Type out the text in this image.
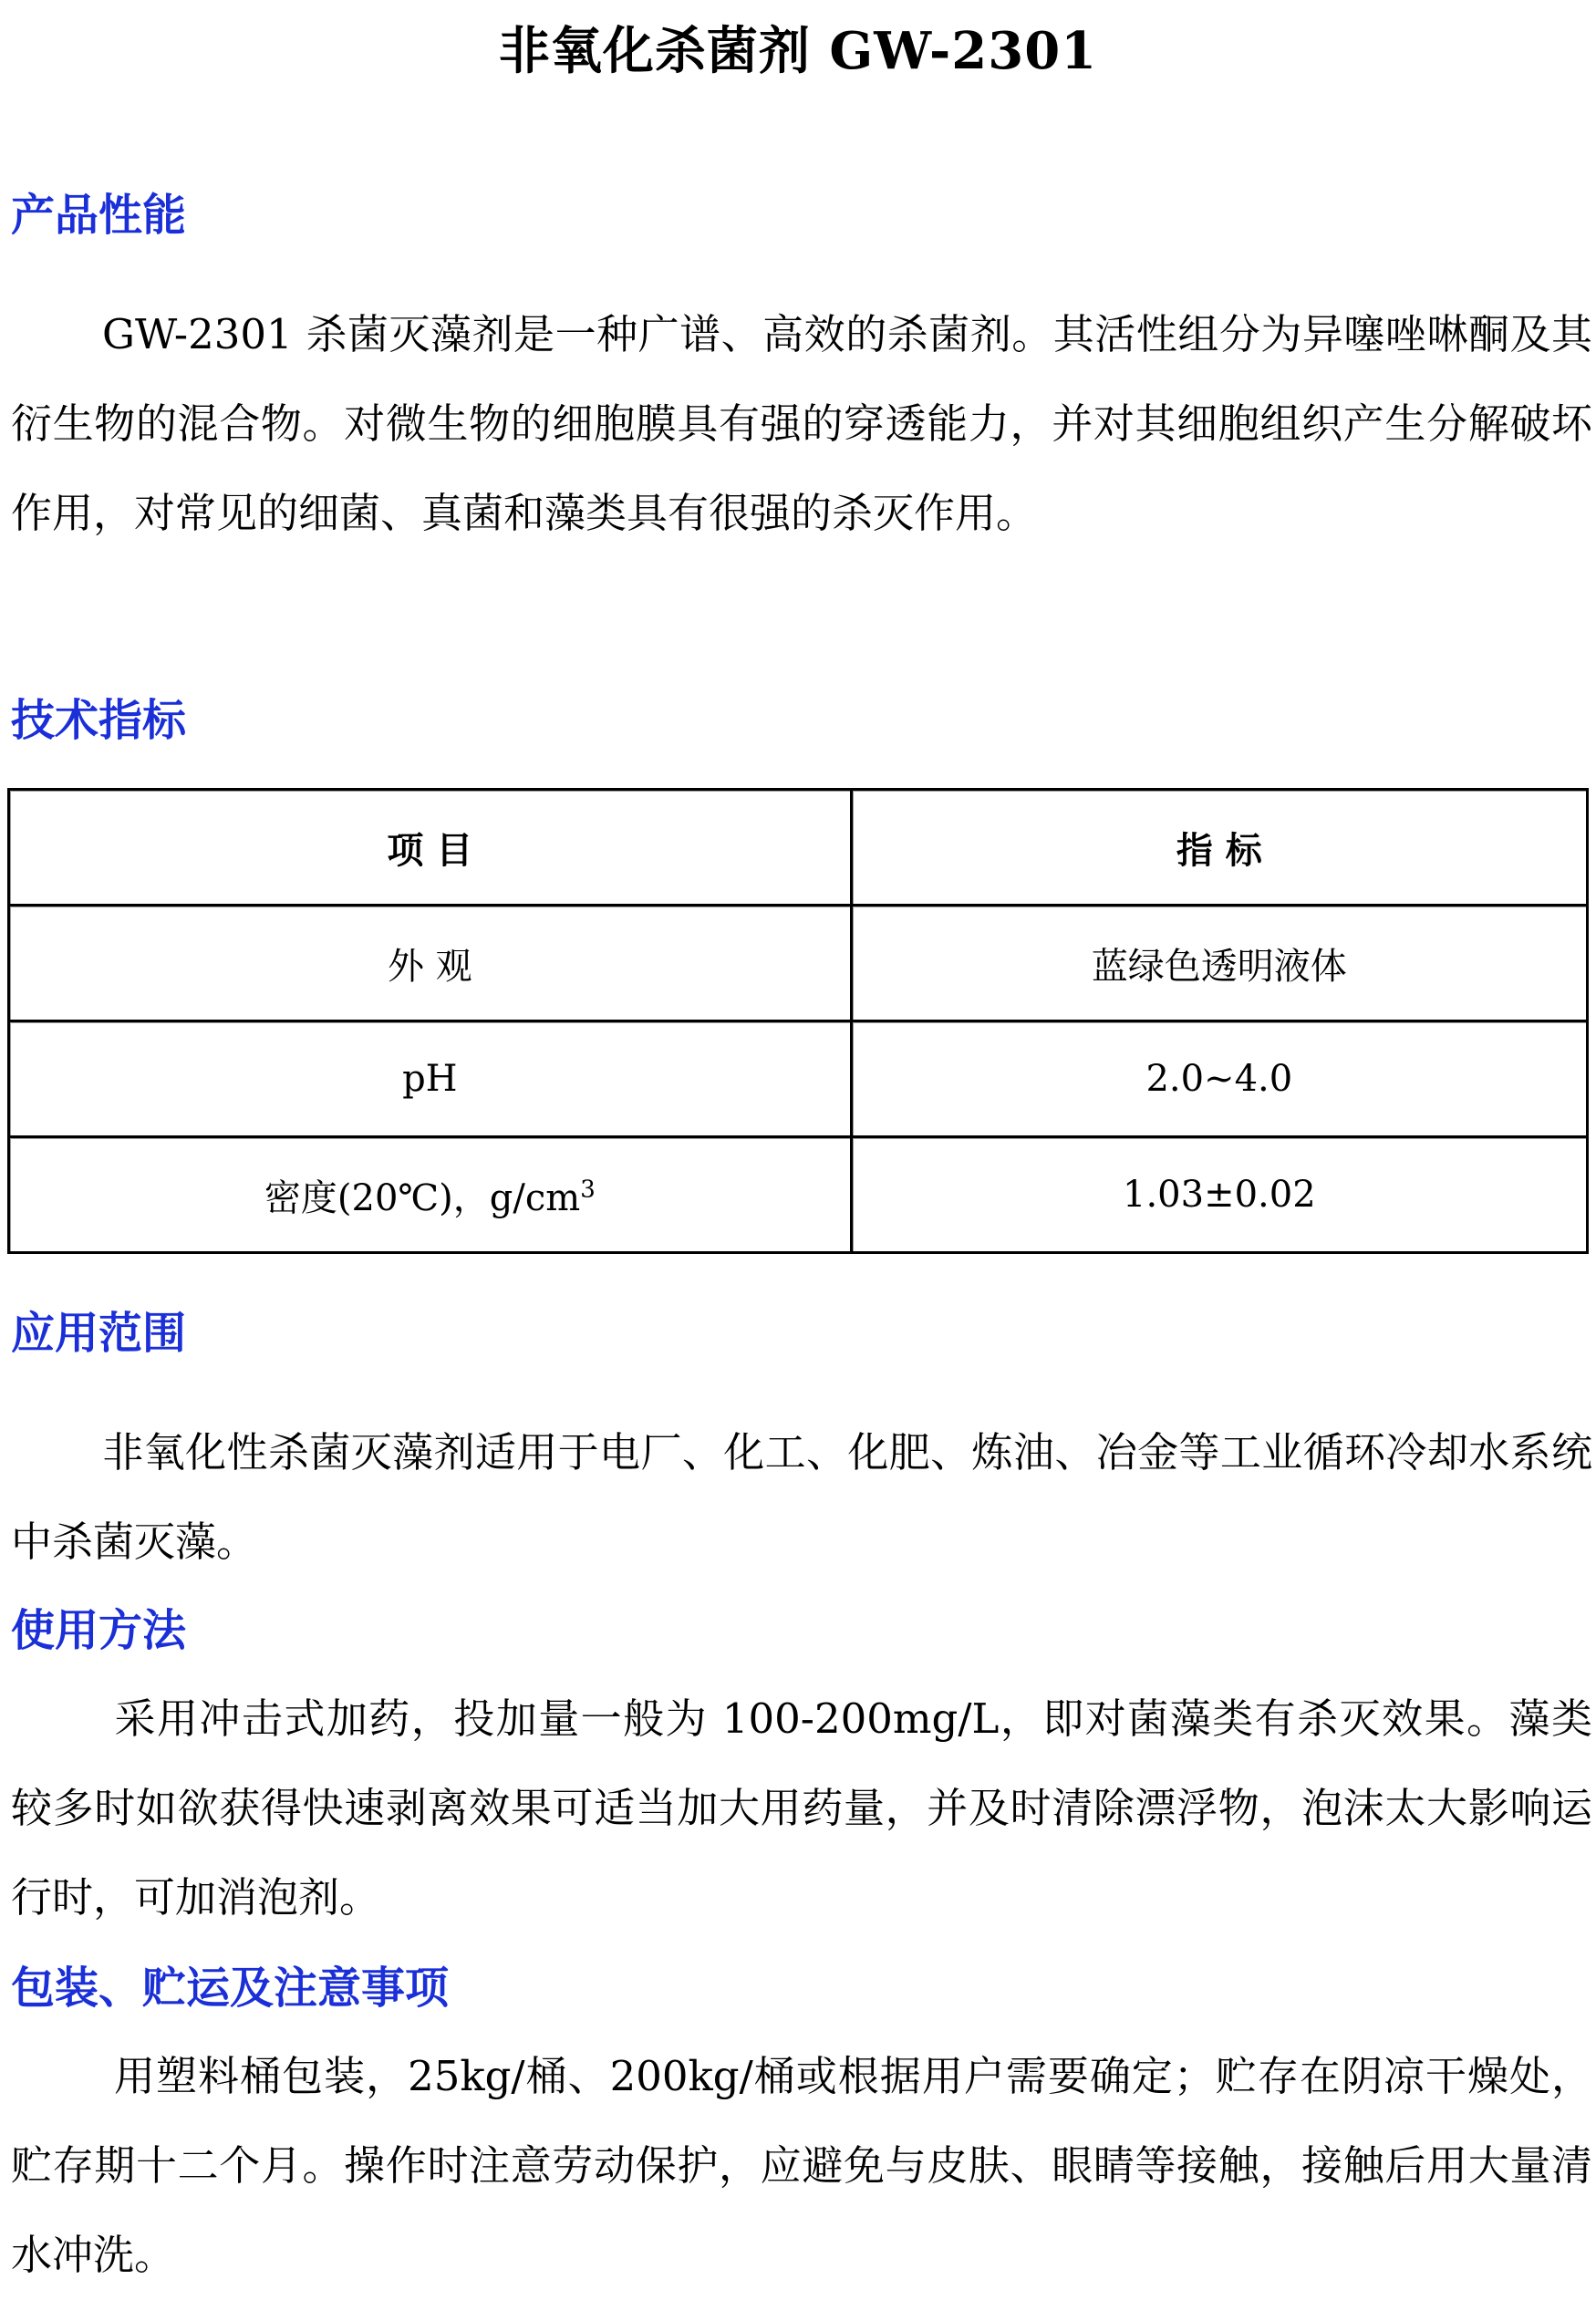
非氧化杀菌剂 GW-2301
产品性能

GW-2301 杀菌灭藻剂是一种广谱、高效的杀菌剂。其活性组分为异噻唑啉酮及其衍生物的混合物。对微生物的细胞膜具有强的穿透能力，并对其细胞组织产生分解破坏作用，对常见的细菌、真菌和藻类具有很强的杀灭作用。

技术指标
项 目	指 标
外 观	蓝绿色透明液体
pH	2.0~4.0
密度(20℃)，$g/cm^3$	1.03±0.02
应用范围

非氧化性杀菌灭藻剂适用于电厂、化工、化肥、炼油、冶金等工业循环冷却水系统中杀菌灭藻。

使用方法

采用冲击式加药，投加量一般为 100-200mg/L，即对菌藻类有杀灭效果。藻类较多时如欲获得快速剥离效果可适当加大用药量，并及时清除漂浮物，泡沫太大影响运行时，可加消泡剂。

包装、贮运及注意事项

用塑料桶包装，25kg/桶、200kg/桶或根据用户需要确定；贮存在阴凉干燥处，贮存期十二个月。操作时注意劳动保护，应避免与皮肤、眼睛等接触，接触后用大量清水冲洗。
